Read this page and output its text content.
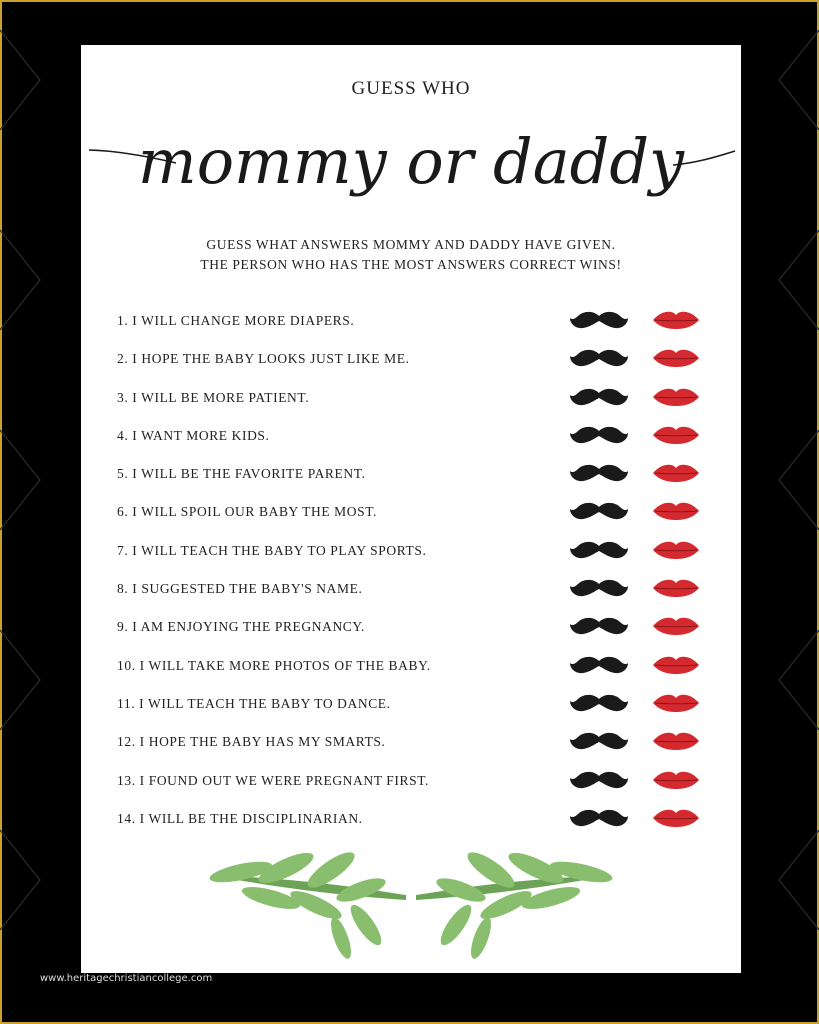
GUESS WHO
mommy or daddy
GUESS WHAT ANSWERS MOMMY AND DADDY HAVE GIVEN.
THE PERSON WHO HAS THE MOST ANSWERS CORRECT WINS!
1. I WILL CHANGE MORE DIAPERS.
2. I HOPE THE BABY LOOKS JUST LIKE ME.
3. I WILL BE MORE PATIENT.
4. I WANT MORE KIDS.
5. I WILL BE THE FAVORITE PARENT.
6. I WILL SPOIL OUR BABY THE MOST.
7. I WILL TEACH THE BABY TO PLAY SPORTS.
8. I SUGGESTED THE BABY'S NAME.
9. I AM ENJOYING THE PREGNANCY.
10. I WILL TAKE MORE PHOTOS OF THE BABY.
11. I WILL TEACH THE BABY TO DANCE.
12. I HOPE THE BABY HAS MY SMARTS.
13. I FOUND OUT WE WERE PREGNANT FIRST.
14. I WILL BE THE DISCIPLINARIAN.
www.heritagechristiancollege.com
